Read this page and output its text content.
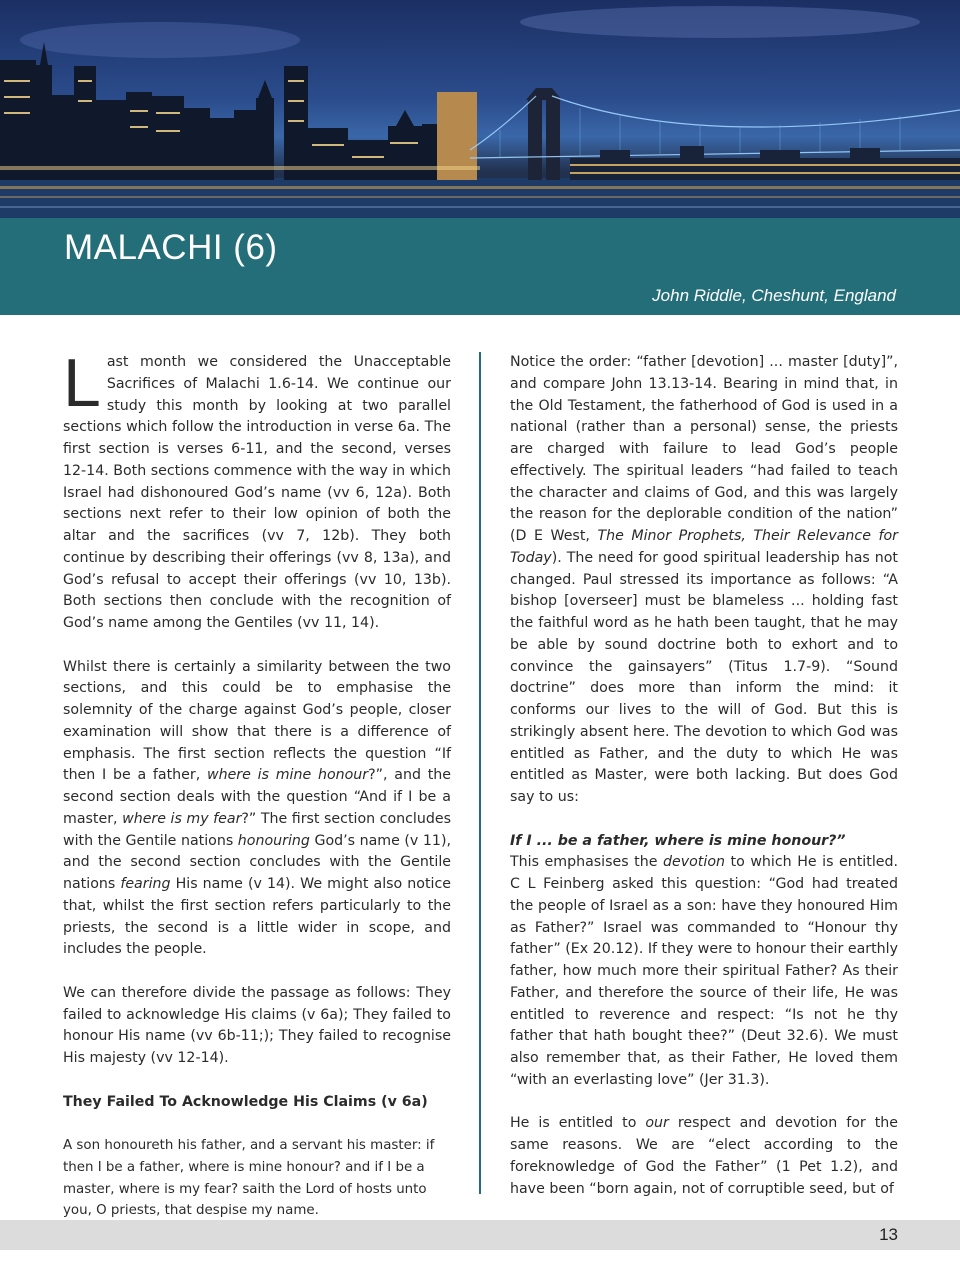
MALACHI (6)
John Riddle, Cheshunt, England

Last month we considered the Unacceptable Sacrifices of Malachi 1.6-14. We continue our study this month by looking at two parallel sections which follow the introduction in verse 6a. The first section is verses 6-11, and the second, verses 12-14. Both sections commence with the way in which Israel had dishonoured God’s name (vv 6, 12a). Both sections next refer to their low opinion of both the altar and the sacrifices (vv 7, 12b). They both continue by describing their offerings (vv 8, 13a), and God’s refusal to accept their offerings (vv 10, 13b). Both sections then conclude with the recognition of God’s name among the Gentiles (vv 11, 14).

Whilst there is certainly a similarity between the two sections, and this could be to emphasise the solemnity of the charge against God’s people, closer examination will show that there is a difference of emphasis. The first section reflects the question “If then I be a father, where is mine honour?”, and the second section deals with the question “And if I be a master, where is my fear?” The first section concludes with the Gentile nations honouring God’s name (v 11), and the second section concludes with the Gentile nations fearing His name (v 14). We might also notice that, whilst the first section refers particularly to the priests, the second is a little wider in scope, and includes the people.

We can therefore divide the passage as follows: They failed to acknowledge His claims (v 6a); They failed to honour His name (vv 6b-11;); They failed to recognise His majesty (vv 12-14).

They Failed To Acknowledge His Claims (v 6a)

A son honoureth his father, and a servant his master: if then I be a father, where is mine honour? and if I be a master, where is my fear? saith the Lord of hosts unto you, O priests, that despise my name.

Notice the order: “father [devotion] ... master [duty]”, and compare John 13.13-14. Bearing in mind that, in the Old Testament, the fatherhood of God is used in a national (rather than a personal) sense, the priests are charged with failure to lead God’s people effectively. The spiritual leaders “had failed to teach the character and claims of God, and this was largely the reason for the deplorable condition of the nation” (D E West, The Minor Prophets, Their Relevance for Today). The need for good spiritual leadership has not changed. Paul stressed its importance as follows: “A bishop [overseer] must be blameless ... holding fast the faithful word as he hath been taught, that he may be able by sound doctrine both to exhort and to convince the gainsayers” (Titus 1.7-9). “Sound doctrine” does more than inform the mind: it conforms our lives to the will of God. But this is strikingly absent here. The devotion to which God was entitled as Father, and the duty to which He was entitled as Master, were both lacking. But does God say to us:

If I ... be a father, where is mine honour?”
This emphasises the devotion to which He is entitled. C L Feinberg asked this question: “God had treated the people of Israel as a son: have they honoured Him as Father?” Israel was commanded to “Honour thy father” (Ex 20.12). If they were to honour their earthly father, how much more their spiritual Father? As their Father, and therefore the source of their life, He was entitled to reverence and respect: “Is not he thy father that hath bought thee?” (Deut 32.6). We must also remember that, as their Father, He loved them “with an everlasting love” (Jer 31.3).

He is entitled to our respect and devotion for the same reasons. We are “elect according to the foreknowledge of God the Father” (1 Pet 1.2), and have been “born again, not of corruptible seed, but of

13
